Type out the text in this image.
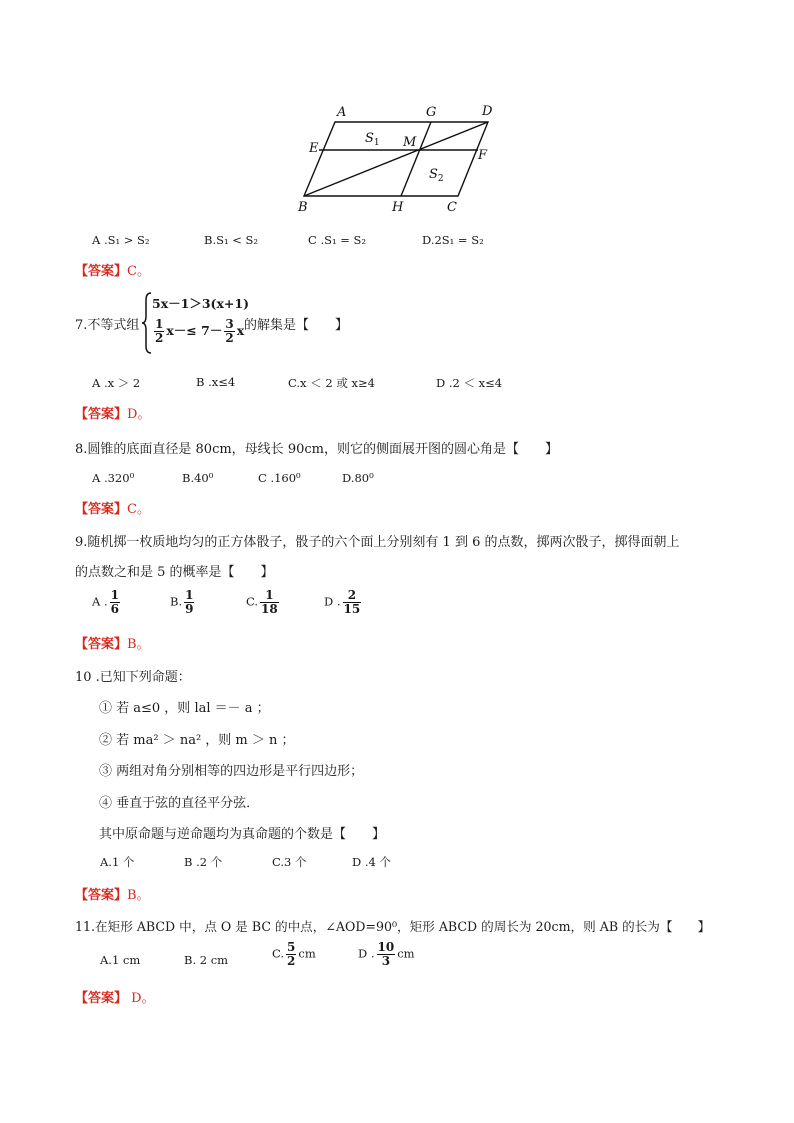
A	G	D
E	M
F
B	H	C
$S_1$
$S_2$
A .S₁ > S₂	B.S₁ < S₂	C .S₁ = S₂	D.2S₁ = S₂
【答案】C。
7.不等式组
5x－1＞3(x+1)
$\frac{1}{2} x-\le 7- \frac{3}{2}$ x 的解集是【　　】
A .x ＞ 2	B .x≤4	C.x ＜ 2 或 x≥4	D .2 ＜ x≤4
【答案】D。
8.圆锥的底面直径是 80cm，母线长 90cm，则它的侧面展开图的圆心角是【　　】
A .320⁰	B.40⁰	C .160⁰	D.80⁰
【答案】C。
9.随机掷一枚质地均匀的正方体骰子，骰子的六个面上分别刻有 1 到 6 的点数，掷两次骰子，掷得面朝上
的点数之和是 5 的概率是【　　】
A . $\frac{1}{6}$	B. $\frac{1}{9}$	C. $\frac{1}{18}$	D . $\frac{2}{15}$
【答案】B。
10 .已知下列命题：
① 若 a≤0 ，则 lal ＝－ a ；
② 若 ma² ＞ na² ，则 m ＞ n ；
③ 两组对角分别相等的四边形是平行四边形；
④ 垂直于弦的直径平分弦．
其中原命题与逆命题均为真命题的个数是【　　】
A.1 个	B .2 个	C.3 个	D .4 个
【答案】B。
11.在矩形 ABCD 中，点 O 是 BC 的中点，∠AOD=90⁰，矩形 ABCD 的周长为 20cm，则 AB 的长为【　　】
A.1 cm	B. 2 cm	C. $\frac{5}{2}$ cm	D . $\frac{10}{3}$ cm
【答案】 D。
